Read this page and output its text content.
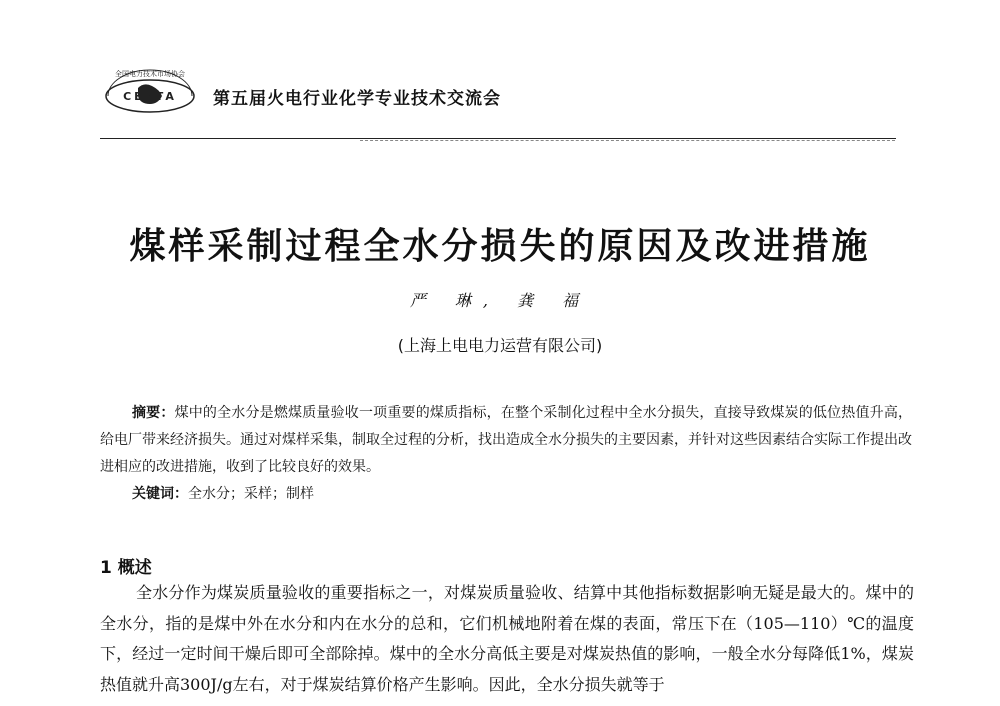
全国电力技术市场协会
CEPTA 第五届火电行业化学专业技术交流会
煤样采制过程全水分损失的原因及改进措施
严 琳, 龚 福
(上海上电电力运营有限公司)
摘要：煤中的全水分是燃煤质量验收一项重要的煤质指标，在整个采制化过程中全水分损失，直接导致煤炭的低位热值升高，给电厂带来经济损失。通过对煤样采集，制取全过程的分析，找出造成全水分损失的主要因素，并针对这些因素结合实际工作提出改进相应的改进措施，收到了比较良好的效果。
关键词：全水分；采样；制样
1 概述
全水分作为煤炭质量验收的重要指标之一，对煤炭质量验收、结算中其他指标数据影响无疑是最大的。煤中的全水分，指的是煤中外在水分和内在水分的总和，它们机械地附着在煤的表面，常压下在（105—110）℃的温度下，经过一定时间干燥后即可全部除掉。煤中的全水分高低主要是对煤炭热值的影响，一般全水分每降低1%，煤炭热值就升高300J/g左右，对于煤炭结算价格产生影响。因此，全水分损失就等于
